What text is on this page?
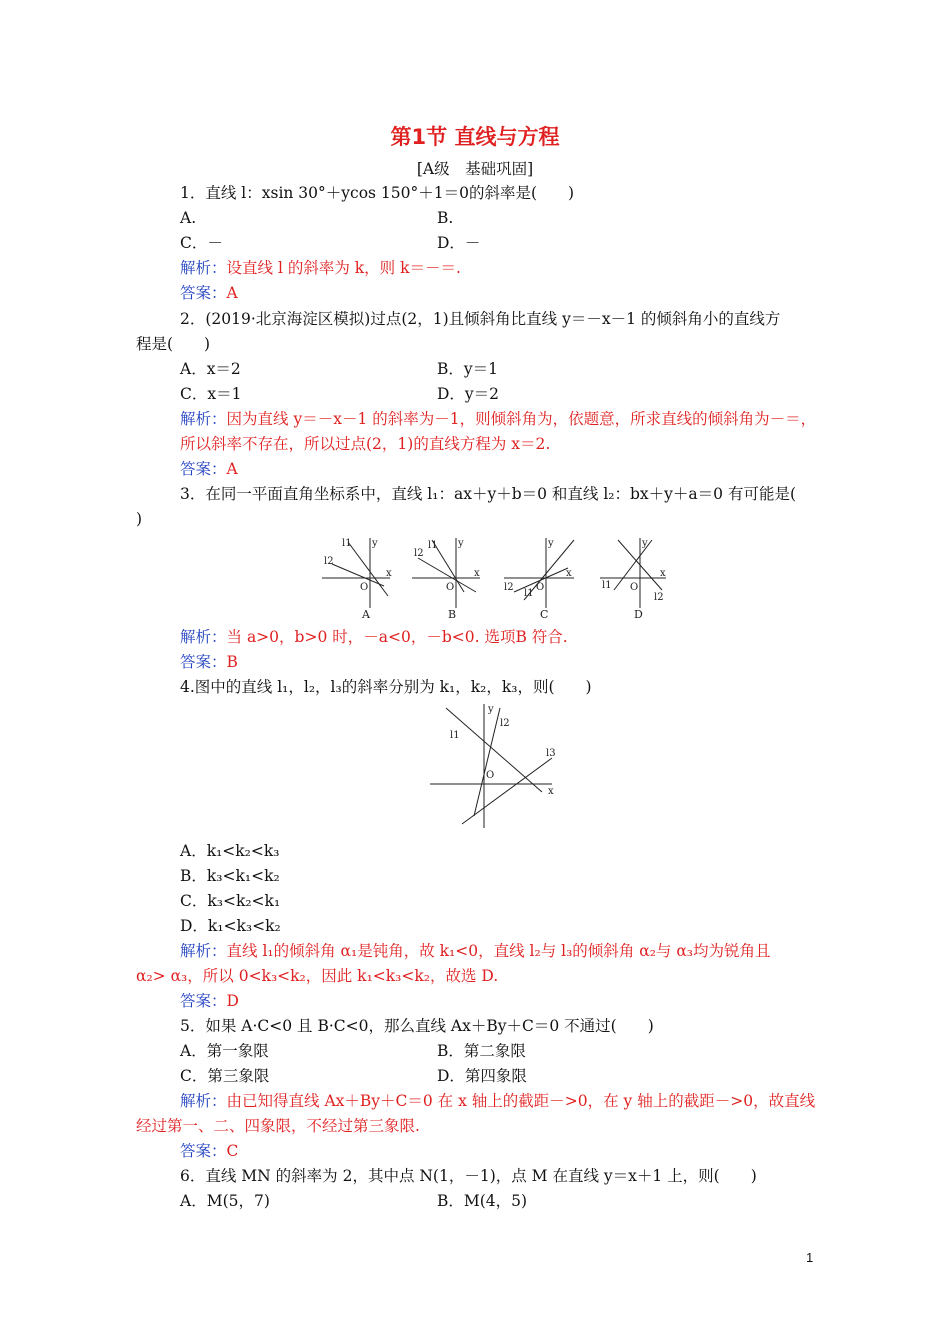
第1节 直线与方程
[A级　基础巩固]
1．直线 l：xsin 30°＋ycos 150°＋1＝0的斜率是(　　)
A.	B.
C．－	D．－
解析：设直线 l 的斜率为 k，则 k＝－＝.
答案：A
2．(2019·北京海淀区模拟)过点(2，1)且倾斜角比直线 y＝－x－1 的倾斜角小的直线方
程是(　　)
A．x＝2	B．y＝1
C．x＝1	D．y＝2
解析：因为直线 y＝－x－1 的斜率为－1，则倾斜角为，依题意，所求直线的倾斜角为－＝，
所以斜率不存在，所以过点(2，1)的直线方程为 x＝2.
答案：A
3．在同一平面直角坐标系中，直线 l₁：ax＋y＋b＝0 和直线 l₂：bx＋y＋a＝0 有可能是(
)
y
x
O
l1
l2
y
x
O
l1
l2
y
x
O
l1
l2
y
x
O
l1
l2
A	B	C	D
解析：当 a>0，b>0 时，－a<0，－b<0. 选项B 符合.
答案：B
4.图中的直线 l₁，l₂，l₃的斜率分别为 k₁，k₂，k₃，则(　　)
y
x
O
l1
l2
l3
A．k₁<k₂<k₃
B．k₃<k₁<k₂
C．k₃<k₂<k₁
D．k₁<k₃<k₂
解析：直线 l₁的倾斜角 α₁是钝角，故 k₁<0，直线 l₂与 l₃的倾斜角 α₂与 α₃均为锐角且
α₂> α₃，所以 0<k₃<k₂，因此 k₁<k₃<k₂，故选 D.
答案：D
5．如果 A·C<0 且 B·C<0，那么直线 Ax＋By＋C＝0 不通过(　　)
A．第一象限	B．第二象限
C．第三象限	D．第四象限
解析：由已知得直线 Ax＋By＋C＝0 在 x 轴上的截距－>0，在 y 轴上的截距－>0，故直线
经过第一、二、四象限，不经过第三象限.
答案：C
6．直线 MN 的斜率为 2，其中点 N(1，－1)，点 M 在直线 y＝x＋1 上，则(　　)
A．M(5，7)	B．M(4，5)
1
